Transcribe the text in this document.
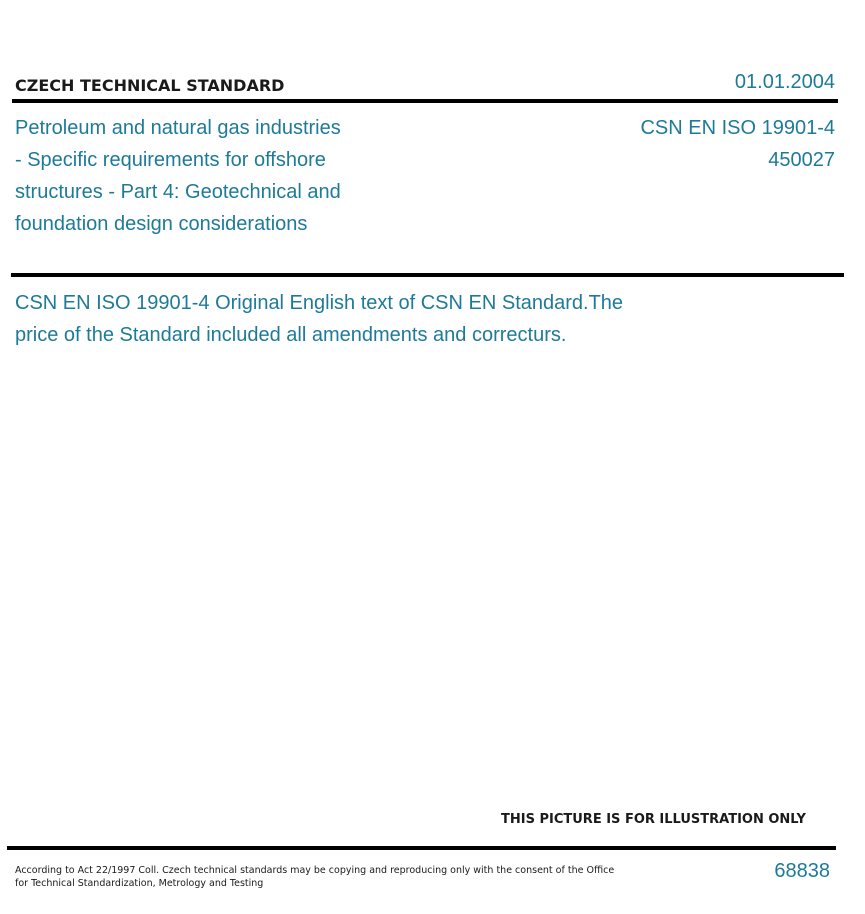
CZECH TECHNICAL STANDARD	01.01.2004
Petroleum and natural gas industries
- Specific requirements for offshore
structures - Part 4: Geotechnical and
foundation design considerations
CSN EN ISO 19901-4
450027
CSN EN ISO 19901-4 Original English text of CSN EN Standard.The
price of the Standard included all amendments and correcturs.
THIS PICTURE IS FOR ILLUSTRATION ONLY
According to Act 22/1997 Coll. Czech technical standards may be copying and reproducing only with the consent of the Office
for Technical Standardization, Metrology and Testing
68838
